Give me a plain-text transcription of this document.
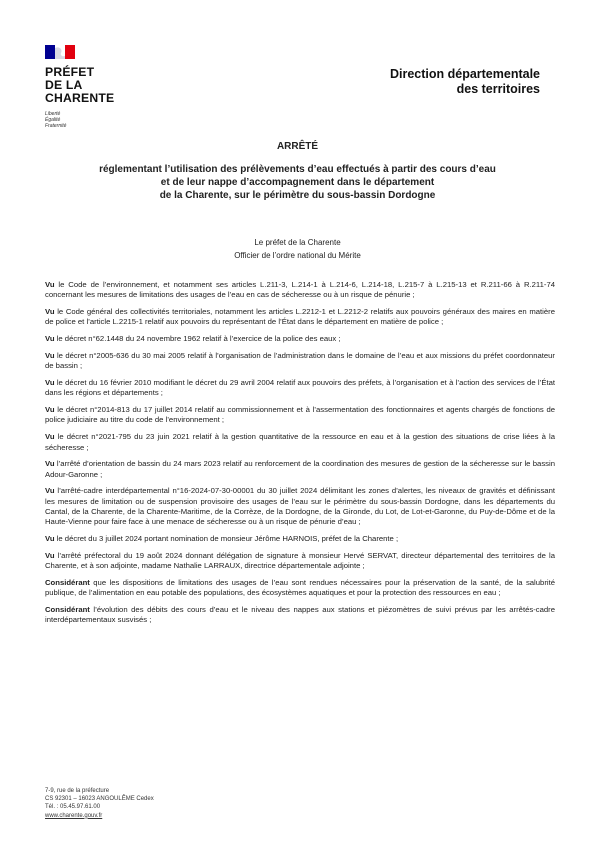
PRÉFET
DE LA
CHARENTE
Liberté
Égalité
Fraternité
Direction départementale
des territoires
ARRÊTÉ
réglementant l’utilisation des prélèvements d’eau effectués à partir des cours d’eau
et de leur nappe d’accompagnement dans le département
de la Charente, sur le périmètre du sous-bassin Dordogne
Le préfet de la Charente
Officier de l’ordre national du Mérite

Vu le Code de l’environnement, et notamment ses articles L.211-3, L.214-1 à L.214-6, L.214-18, L.215-7 à L.215-13 et R.211-66 à R.211-74 concernant les mesures de limitations des usages de l’eau en cas de sécheresse ou à un risque de pénurie ;

Vu le Code général des collectivités territoriales, notamment les articles L.2212-1 et L.2212-2 relatifs aux pouvoirs généraux des maires en matière de police et l’article L.2215-1 relatif aux pouvoirs du représentant de l’État dans le département en matière de police ;

Vu le décret n°62.1448 du 24 novembre 1962 relatif à l’exercice de la police des eaux ;

Vu le décret n°2005-636 du 30 mai 2005 relatif à l’organisation de l’administration dans le domaine de l’eau et aux missions du préfet coordonnateur de bassin ;

Vu le décret du 16 février 2010 modifiant le décret du 29 avril 2004 relatif aux pouvoirs des préfets, à l’organisation et à l’action des services de l’État dans les régions et départements ;

Vu le décret n°2014-813 du 17 juillet 2014 relatif au commissionnement et à l’assermentation des fonctionnaires et agents chargés de fonctions de police judiciaire au titre du code de l’environnement ;

Vu le décret n°2021-795 du 23 juin 2021 relatif à la gestion quantitative de la ressource en eau et à la gestion des situations de crise liées à la sécheresse ;

Vu l’arrêté d’orientation de bassin du 24 mars 2023 relatif au renforcement de la coordination des mesures de gestion de la sécheresse sur le bassin Adour-Garonne ;

Vu l’arrêté-cadre interdépartemental n°16-2024-07-30-00001 du 30 juillet 2024 délimitant les zones d’alertes, les niveaux de gravités et définissant les mesures de limitation ou de suspension provisoire des usages de l’eau sur le périmètre du sous-bassin Dordogne, dans les départements du Cantal, de la Charente, de la Charente-Maritime, de la Corrèze, de la Dordogne, de la Gironde, du Lot, de Lot-et-Garonne, du Puy-de-Dôme et de la Haute-Vienne pour faire face à une menace de sécheresse ou à un risque de pénurie d’eau ;

Vu le décret du 3 juillet 2024 portant nomination de monsieur Jérôme HARNOIS, préfet de la Charente ;

Vu l’arrêté préfectoral du 19 août 2024 donnant délégation de signature à monsieur Hervé SERVAT, directeur départemental des territoires de la Charente, et à son adjointe, madame Nathalie LARRAUX, directrice départementale adjointe ;

Considérant que les dispositions de limitations des usages de l’eau sont rendues nécessaires pour la préservation de la santé, de la salubrité publique, de l’alimentation en eau potable des populations, des écosystèmes aquatiques et pour la protection des ressources en eau ;

Considérant l’évolution des débits des cours d’eau et le niveau des nappes aux stations et piézomètres de suivi prévus par les arrêtés-cadre interdépartementaux susvisés ;

7-9, rue de la préfecture
CS 92301 – 16023 ANGOULÊME Cedex
Tél. : 05.45.97.61.00
www.charente.gouv.fr
